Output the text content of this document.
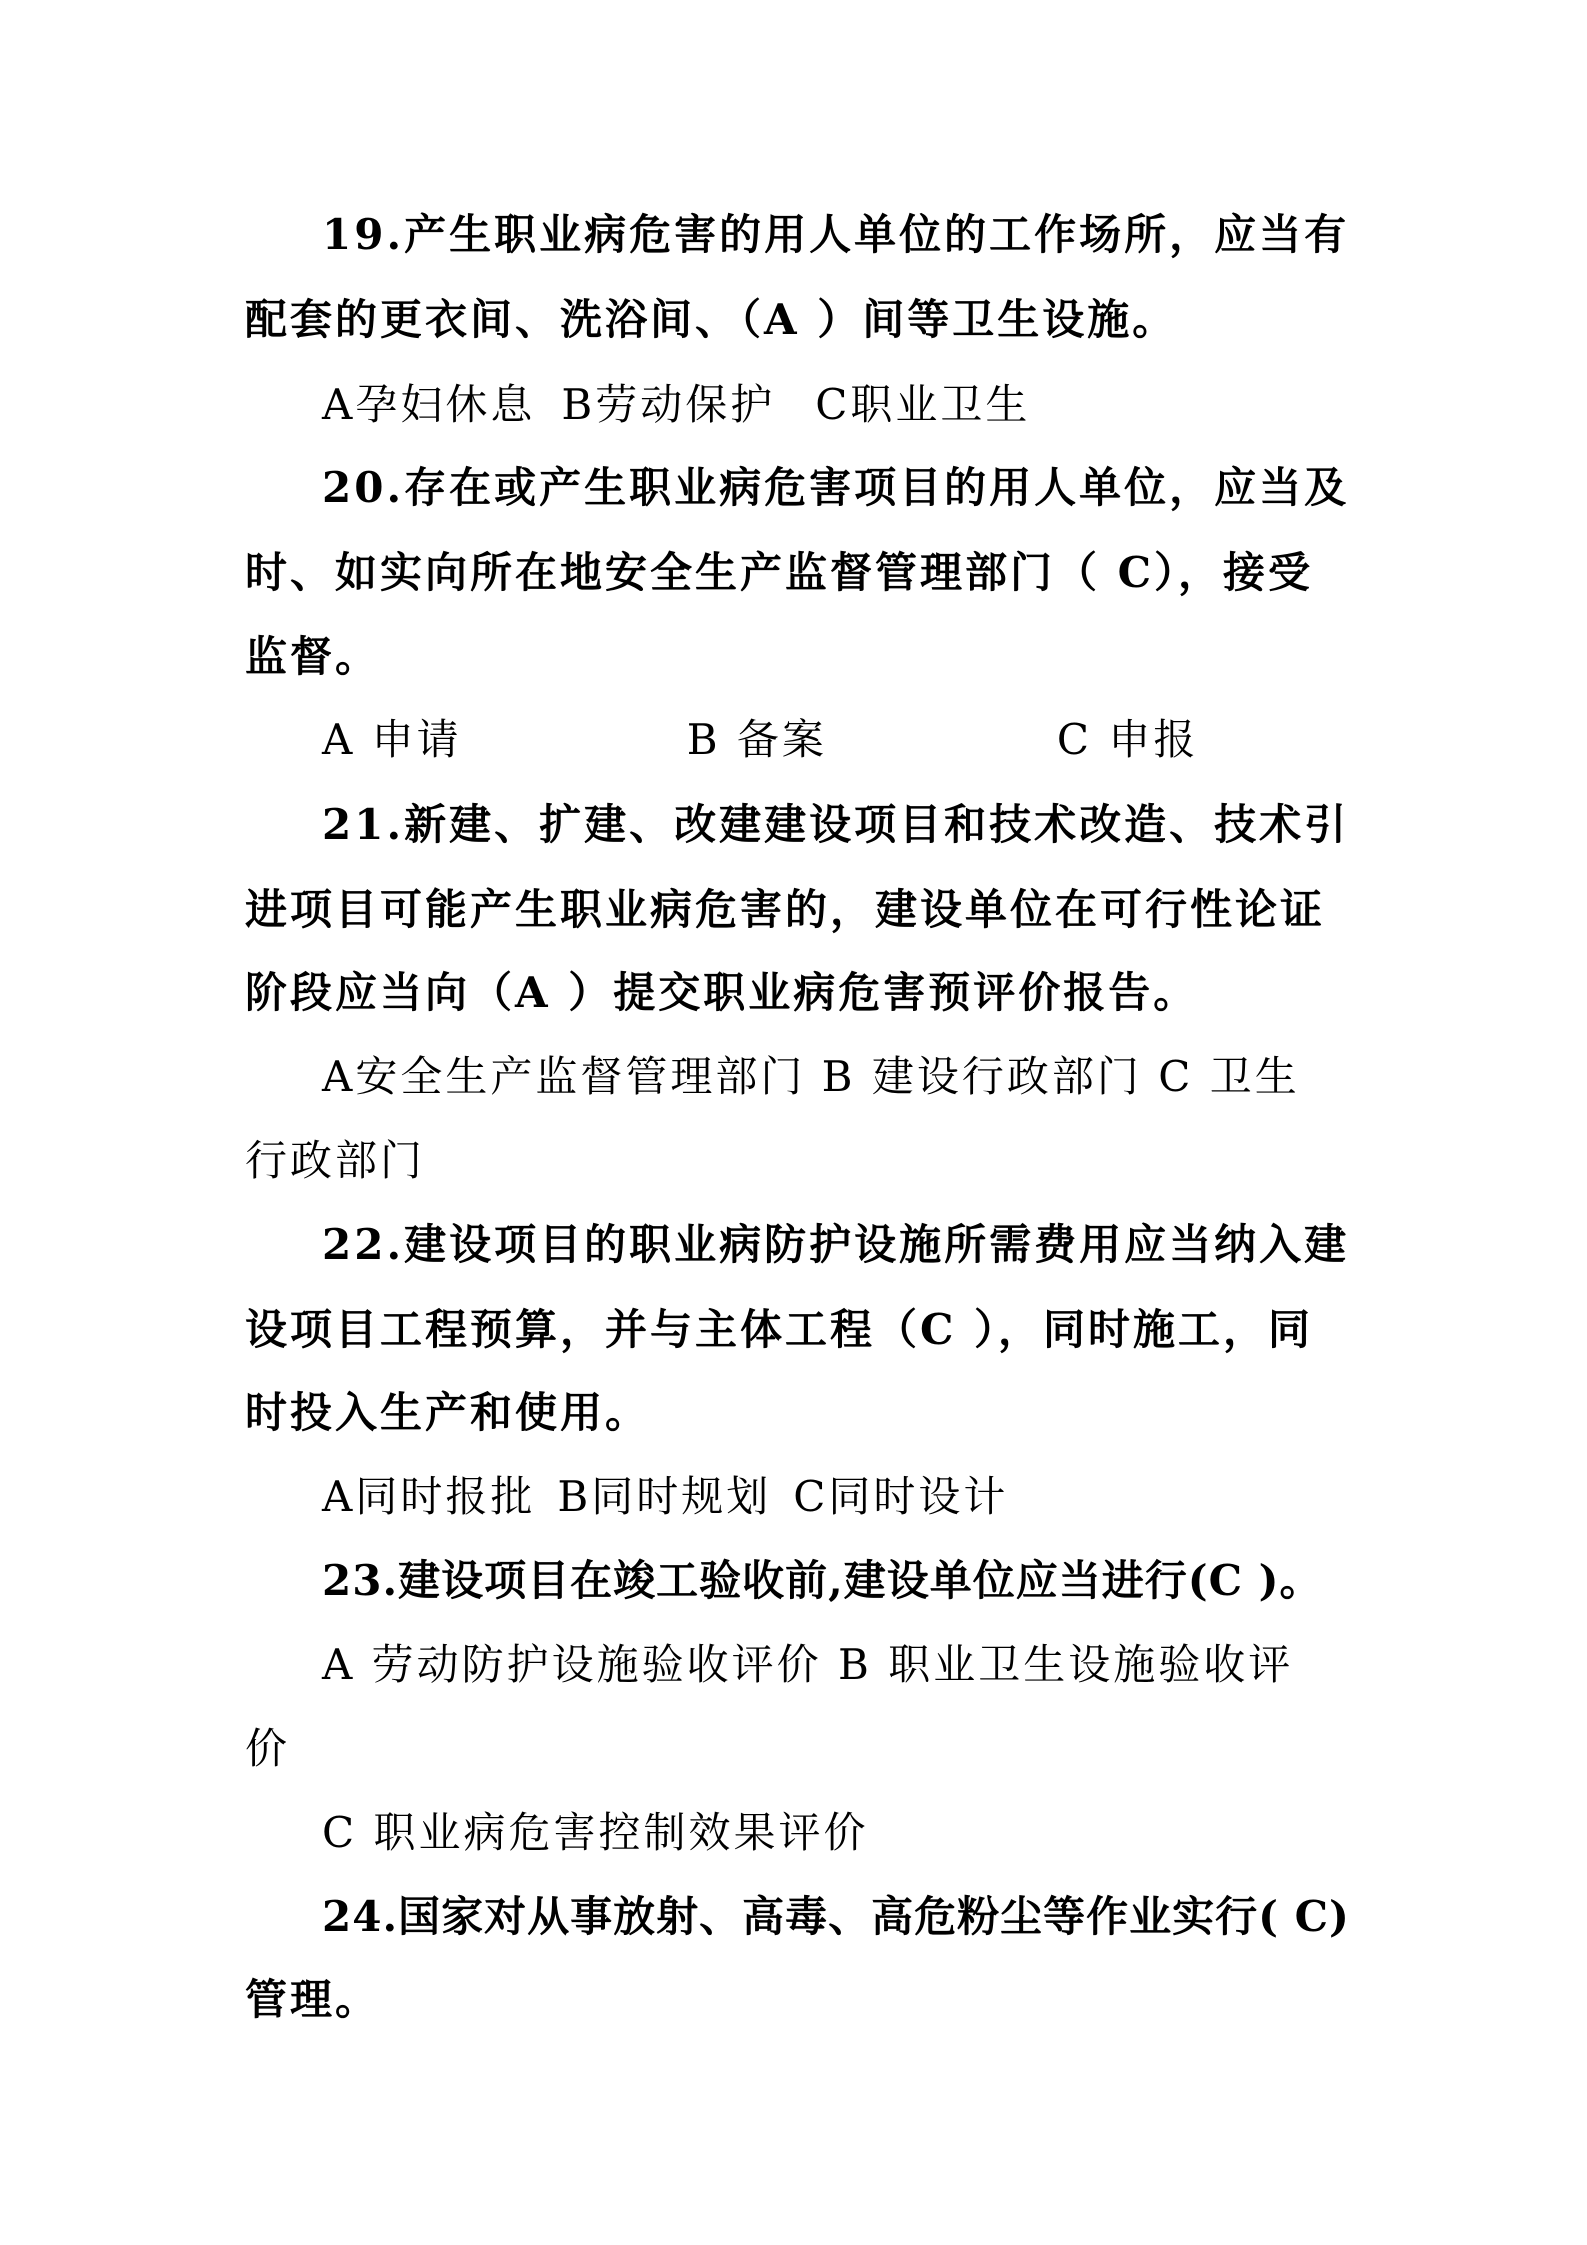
19.产生职业病危害的用人单位的工作场所，应当有
配套的更衣间、洗浴间、（A ）间等卫生设施。
A孕妇休息 B劳动保护 C职业卫生
20.存在或产生职业病危害项目的用人单位，应当及
时、如实向所在地安全生产监督管理部门（ C），接受
监督。
A 申请	B 备案	C 申报
21.新建、扩建、改建建设项目和技术改造、技术引
进项目可能产生职业病危害的，建设单位在可行性论证
阶段应当向（A ）提交职业病危害预评价报告。
A安全生产监督管理部门 B 建设行政部门 C 卫生
行政部门
22.建设项目的职业病防护设施所需费用应当纳入建
设项目工程预算，并与主体工程（C ），同时施工，同
时投入生产和使用。
A同时报批 B同时规划 C同时设计
23.建设项目在竣工验收前,建设单位应当进行(C )。
A 劳动防护设施验收评价 B 职业卫生设施验收评
价
C 职业病危害控制效果评价
24.国家对从事放射、高毒、高危粉尘等作业实行( C)
管理。
